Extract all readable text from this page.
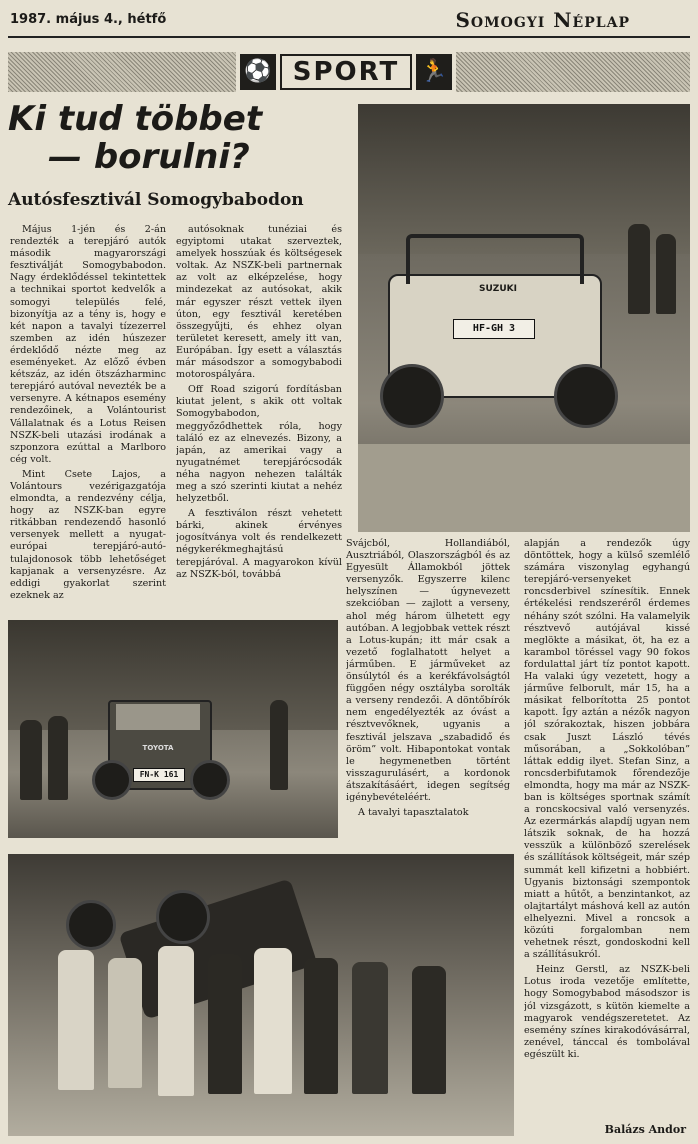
1987. május 4., hétfő	Somogyi Néplap
⚽ SPORT 🏃
Ki tud többet
— borulni?
Autósfesztivál Somogybabodon

Május 1-jén és 2-án rendezték a terepjáró autók második magyarországi fesztiválját Somogybabodon. Nagy érdeklődéssel tekintettek a technikai sportot kedvelők a somogyi település felé, bizonyítja az a tény is, hogy e két napon a tavalyi tízezerrel szemben az idén húszezer érdeklődő nézte meg az eseményeket. Az előző évben kétszáz, az idén ötszázharminc terepjáró autóval nevezték be a versenyre. A kétnapos esemény rendezőinek, a Volántourist Vállalatnak és a Lotus Reisen NSZK-beli utazási irodának a szponzora ezúttal a Marlboro cég volt.

Mint Csete Lajos, a Volántours vezérigazgatója elmondta, a rendezvény célja, hogy az NSZK-ban egyre ritkábban rendezendő hasonló versenyek mellett a nyugat-európai terepjáró-autó-tulajdonosok több lehetőséget kapjanak a versenyzésre. Az eddigi gyakorlat szerint ezeknek az

autósoknak tunéziai és egyiptomi utakat szerveztek, amelyek hosszúak és költségesek voltak. Az NSZK-beli partnernak az volt az elképzelése, hogy mindezekat az autósokat, akik már egyszer részt vettek ilyen úton, egy fesztivál keretében összegyűjti, és ehhez olyan területet keresett, amely itt van, Európában. Így esett a választás már másodszor a somogybabodi motorospályára.

Off Road szigorú fordításban kiutat jelent, s akik ott voltak Somogybabodon, meggyőződhettek róla, hogy találó ez az elnevezés. Bizony, a japán, az amerikai vagy a nyugatnémet terepjárócsodák néha nagyon nehezen találták meg a szó szerinti kiutat a nehéz helyzetből.

A fesztiválon részt vehetett bárki, akinek érvényes jogosítványa volt és rendelkezett négykerékmeghajtású terepjáróval. A magyarokon kívül az NSZK-ból, továbbá

SUZUKI
HF-GH 3
FN-K 161
TOYOTA

Svájcból, Hollandiából, Ausztriából, Olaszországból és az Egyesült Államokból jöttek versenyzők. Egyszerre kilenc helyszínen — úgynevezett szekcióban — zajlott a verseny, ahol még három ülhetett egy autóban. A legjobbak vettek részt a Lotus-kupán; itt már csak a vezető foglalhatott helyet a járműben. E járműveket az önsúlytól és a kerékfávolságtól függően négy osztályba sorolták a verseny rendezői. A döntőbírók nem engedélyezték az óvást a résztvevőknek, ugyanis a fesztivál jelszava „szabadidő és öröm” volt. Hibapontokat vontak le hegymenetben történt visszagurulásért, a kordonok átszakításáért, idegen segítség igénybevételéért.

A tavalyi tapasztalatok

alapján a rendezők úgy döntöttek, hogy a külső szemlélő számára viszonylag egyhangú terepjáró-versenyeket roncsderbivel színesítik. Ennek értékelési rendszeréről érdemes néhány szót szólni. Ha valamelyik résztvevő autójával kissé meglökte a másikat, öt, ha ez a karambol töréssel vagy 90 fokos fordulattal járt tíz pontot kapott. Ha valaki úgy vezetett, hogy a járműve felborult, már 15, ha a másikat felborította 25 pontot kapott. Így aztán a nézők nagyon jól szórakoztak, hiszen jobbára csak Juszt László tévés műsorában, a „Sokkolóban” láttak eddig ilyet. Stefan Sinz, a roncsderbifutamok főrendezője elmondta, hogy ma már az NSZK-ban is költséges sportnak számít a roncskocsival való versenyzés. Az ezermárkás alapdíj ugyan nem látszik soknak, de ha hozzá vesszük a különböző szerelések és szállítások költségeit, már szép summát kell kifizetni a hobbiért. Ugyanis biztonsági szempontok miatt a hűtőt, a benzintankot, az olajtartályt máshová kell az autón elhelyezni. Mivel a roncsok a közúti forgalomban nem vehetnek részt, gondoskodni kell a szállításukról.

Heinz Gerstl, az NSZK-beli Lotus iroda vezetője említette, hogy Somogybabod másodszor is jól vizsgázott, s kütön kiemelte a magyarok vendégszeretetet. Az esemény színes kirakodóvásárral, zenével, tánccal és tombolával egészült ki.

Balázs Andor
